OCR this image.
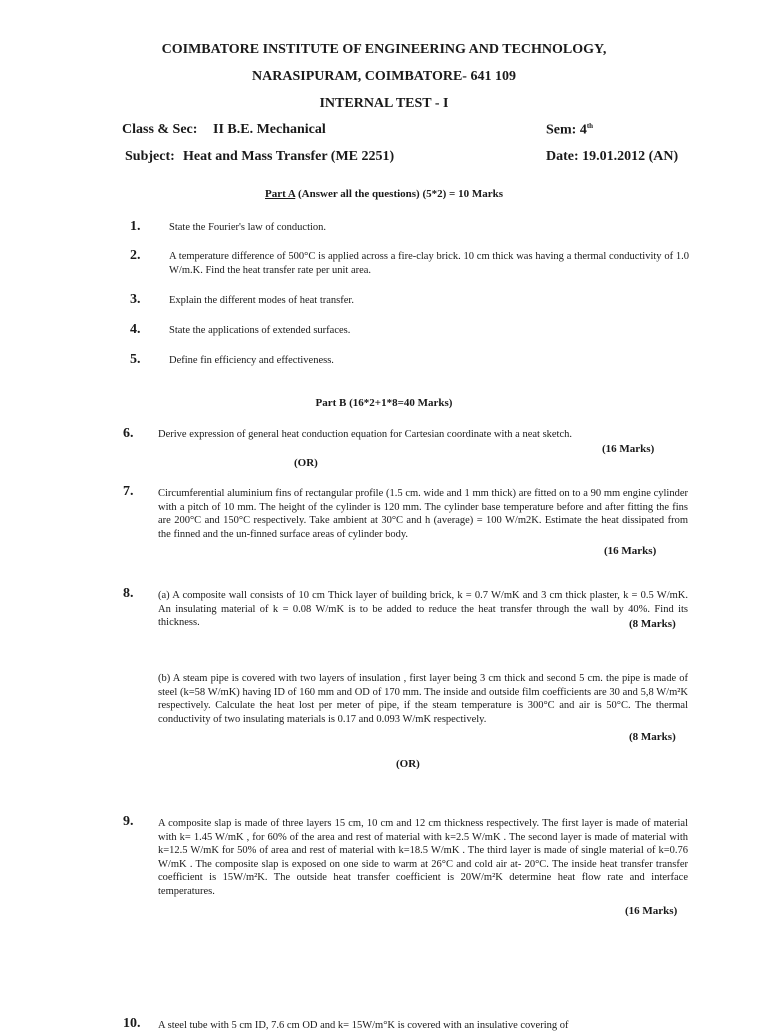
COIMBATORE INSTITUTE OF ENGINEERING AND TECHNOLOGY,
NARASIPURAM, COIMBATORE- 641 109
INTERNAL TEST - I
Class & Sec: II B.E. Mechanical	Sem: 4th
Subject: Heat and Mass Transfer (ME 2251)	Date: 19.01.2012 (AN)
Part A (Answer all the questions) (5*2) = 10 Marks
1.	State the Fourier's law of conduction.
2.	A temperature difference of 500°C is applied across a fire-clay brick. 10 cm thick was having a thermal conductivity of 1.0 W/m.K. Find the heat transfer rate per unit area.
3.	Explain the different modes of heat transfer.
4.	State the applications of extended surfaces.
5.	Define fin efficiency and effectiveness.
Part B (16*2+1*8=40 Marks)
6. Derive expression of general heat conduction equation for Cartesian coordinate with a neat sketch.
(16 Marks)
(OR)
7. Circumferential aluminium fins of rectangular profile (1.5 cm. wide and 1 mm thick) are fitted on to a 90 mm engine cylinder with a pitch of 10 mm. The height of the cylinder is 120 mm. The cylinder base temperature before and after fitting the fins are 200°C and 150°C respectively. Take ambient at 30°C and h (average) = 100 W/m2K. Estimate the heat dissipated from the finned and the un-finned surface areas of cylinder body.
(16 Marks)
8. (a) A composite wall consists of 10 cm Thick layer of building brick, k = 0.7 W/mK and 3 cm thick plaster, k = 0.5 W/mK. An insulating material of k = 0.08 W/mK is to be added to reduce the heat transfer through the wall by 40%. Find its thickness.	(8 Marks)
(b) A steam pipe is covered with two layers of insulation , first layer being 3 cm thick and second 5 cm. the pipe is made of steel (k=58 W/mK) having ID of 160 mm and OD of 170 mm. The inside and outside film coefficients are 30 and 5,8 W/m²K respectively. Calculate the heat lost per meter of pipe, if the steam temperature is 300°C and air is 50°C. The thermal conductivity of two insulating materials is 0.17 and 0.093 W/mK respectively.
(8 Marks)
(OR)
9. A composite slap is made of three layers 15 cm, 10 cm and 12 cm thickness respectively. The first layer is made of material with k= 1.45 W/mK , for 60% of the area and rest of material with k=2.5 W/mK . The second layer is made of material with k=12.5 W/mK for 50% of area and rest of material with k=18.5 W/mK . The third layer is made of single material of k=0.76 W/mK . The composite slap is exposed on one side to warm at 26°C and cold air at- 20°C. The inside heat transfer transfer coefficient is 15W/m²K. The outside heat transfer coefficient is 20W/m²K determine heat flow rate and interface temperatures.
(16 Marks)
10. A steel tube with 5 cm ID, 7.6 cm OD and k= 15W/m°K is covered with an insulative covering of
